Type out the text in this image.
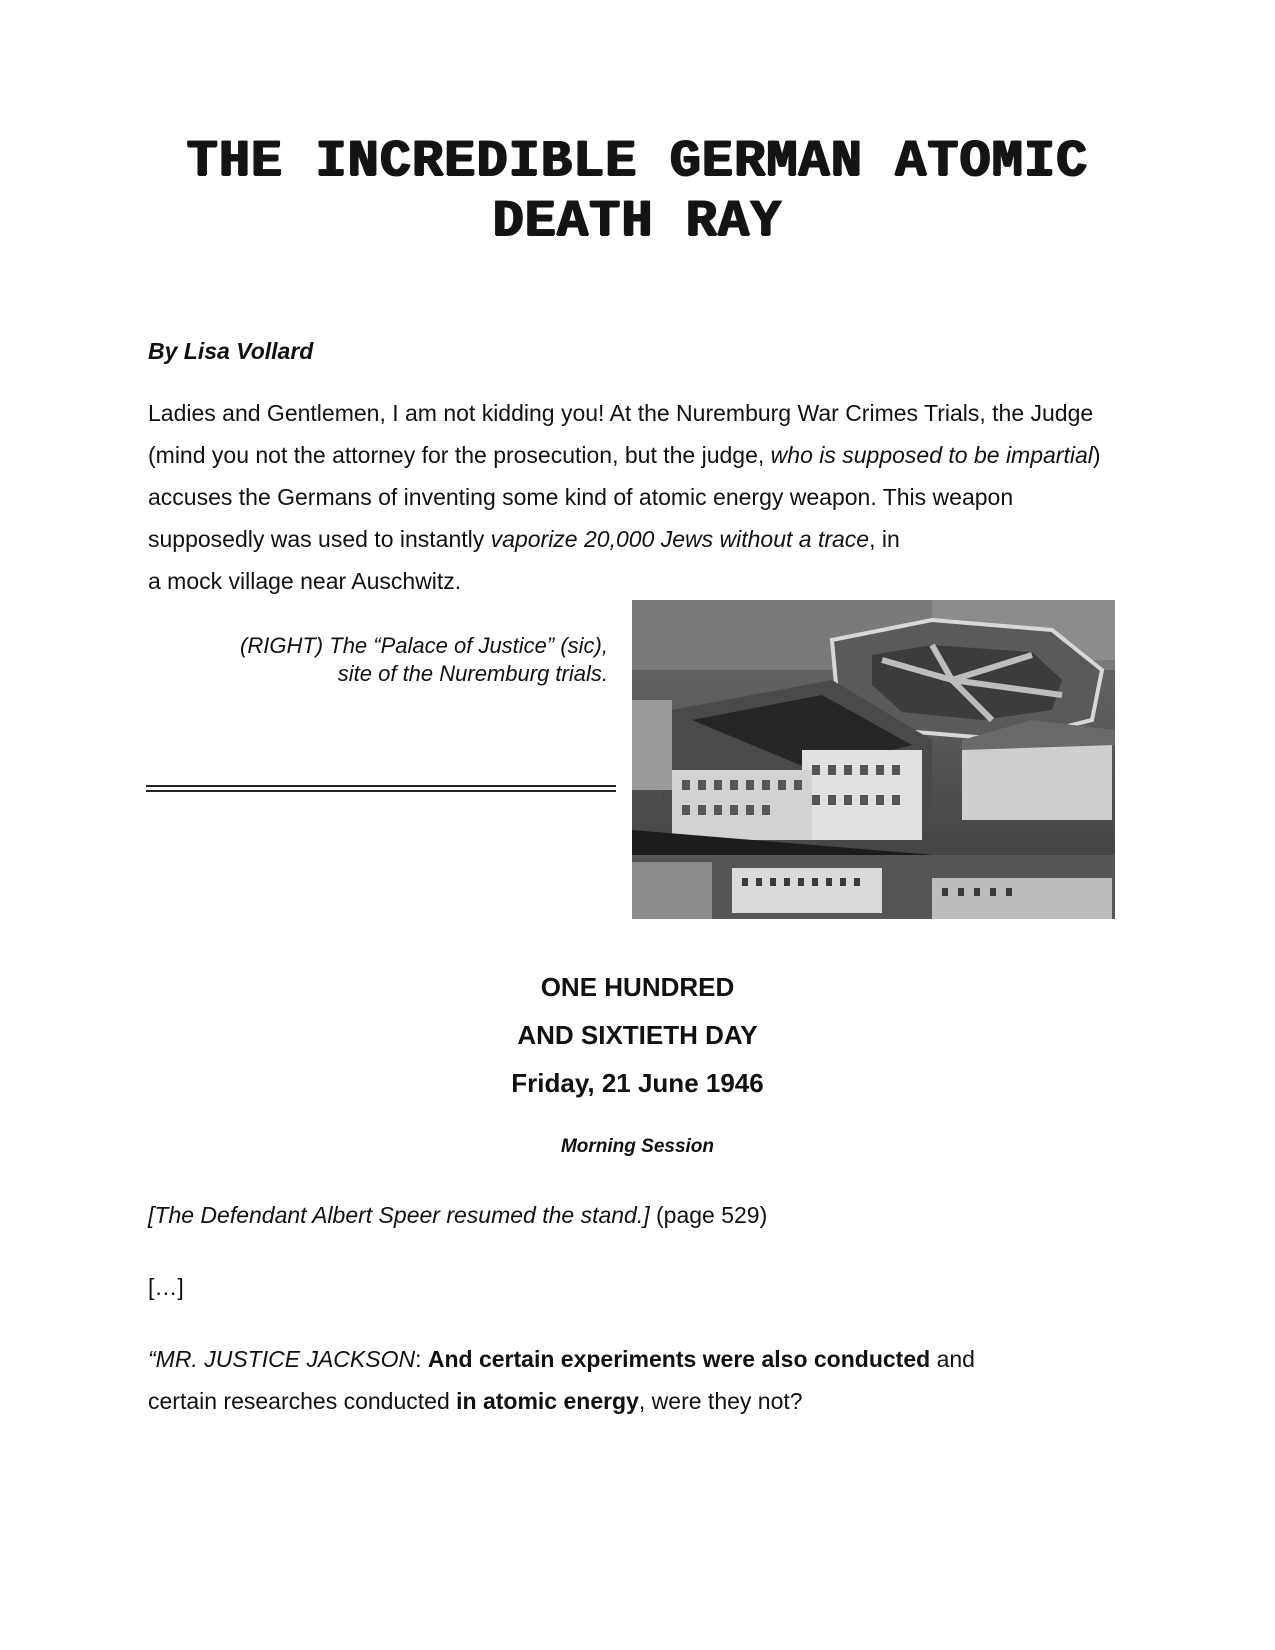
THE INCREDIBLE GERMAN ATOMIC
DEATH RAY
By Lisa Vollard

Ladies and Gentlemen, I am not kidding you! At the Nuremburg War Crimes Trials, the Judge (mind you not the attorney for the prosecution, but the judge, who is supposed to be impartial) accuses the Germans of inventing some kind of atomic energy weapon. This weapon supposedly was used to instantly vaporize 20,000 Jews without a trace, in

a mock village near Auschwitz.

(RIGHT) The “Palace of Justice” (sic),
site of the Nuremburg trials.
ONE HUNDRED
AND SIXTIETH DAY
Friday, 21 June 1946
Morning Session
[The Defendant Albert Speer resumed the stand.] (page 529)
[…]
“MR. JUSTICE JACKSON: And certain experiments were also conducted and
certain researches conducted in atomic energy, were they not?
